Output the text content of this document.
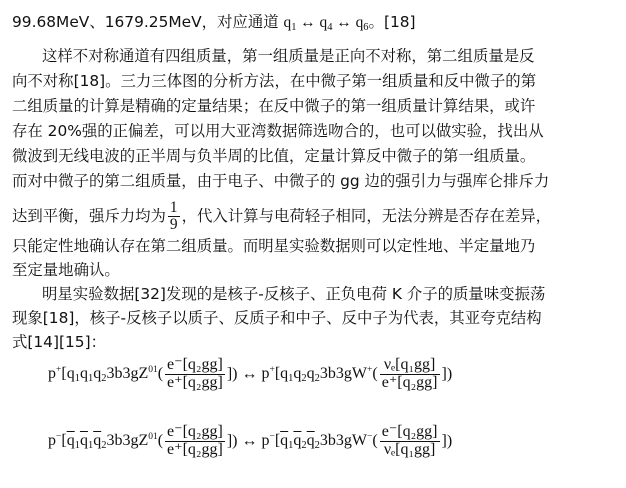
99.68MeV、1679.25MeV，对应通道 $q_1$ ↔ $q_4$ ↔ $q_6$。[18]
这样不对称通道有四组质量，第一组质量是正向不对称，第二组质量是反
向不对称[18]。三力三体图的分析方法，在中微子第一组质量和反中微子的第
二组质量的计算是精确的定量结果；在反中微子的第一组质量计算结果，或许
存在 20%强的正偏差，可以用大亚湾数据筛选吻合的，也可以做实验，找出从
微波到无线电波的正半周与负半周的比值，定量计算反中微子的第一组质量。
而对中微子的第二组质量，由于电子、中微子的 gg 边的强引力与强库仑排斥力
达到平衡，强斥力均为 $\frac{1}{9}$ ，代入计算与电荷轻子相同，无法分辨是否存在差异，
只能定性地确认存在第二组质量。而明星实验数据则可以定性地、半定量地乃
至定量地确认。
明星实验数据[32]发现的是核子-反核子、正负电荷 K 介子的质量味变振荡
现象[18]，核子-反核子以质子、反质子和中子、反中子为代表，其亚夸克结构
式[14][15]：
$p^+[q_1q_1q_23b3gZ^{01}( \frac{\text{e⁻[q₂gg]}}{\text{e⁺[q₂gg]}}$ ]) ↔ $p^+[q_1q_2q_23b3gW^+( \frac{\text{νₑ[q₁gg]}}{\text{e⁺[q₂gg]}}$ ])
$p^-[\overline{q}_1\overline{q}_1\overline{q}_23b3gZ^{01}( \frac{\text{e⁻[q₂gg]}}{\text{e⁺[q₂gg]}}$ ]) ↔ $p^-[\overline{q}_1\overline{q}_2\overline{q}_23b3gW^-( \frac{\text{e⁻[q₂gg]}}{\text{νₑ[q₁gg]}}$ ])
